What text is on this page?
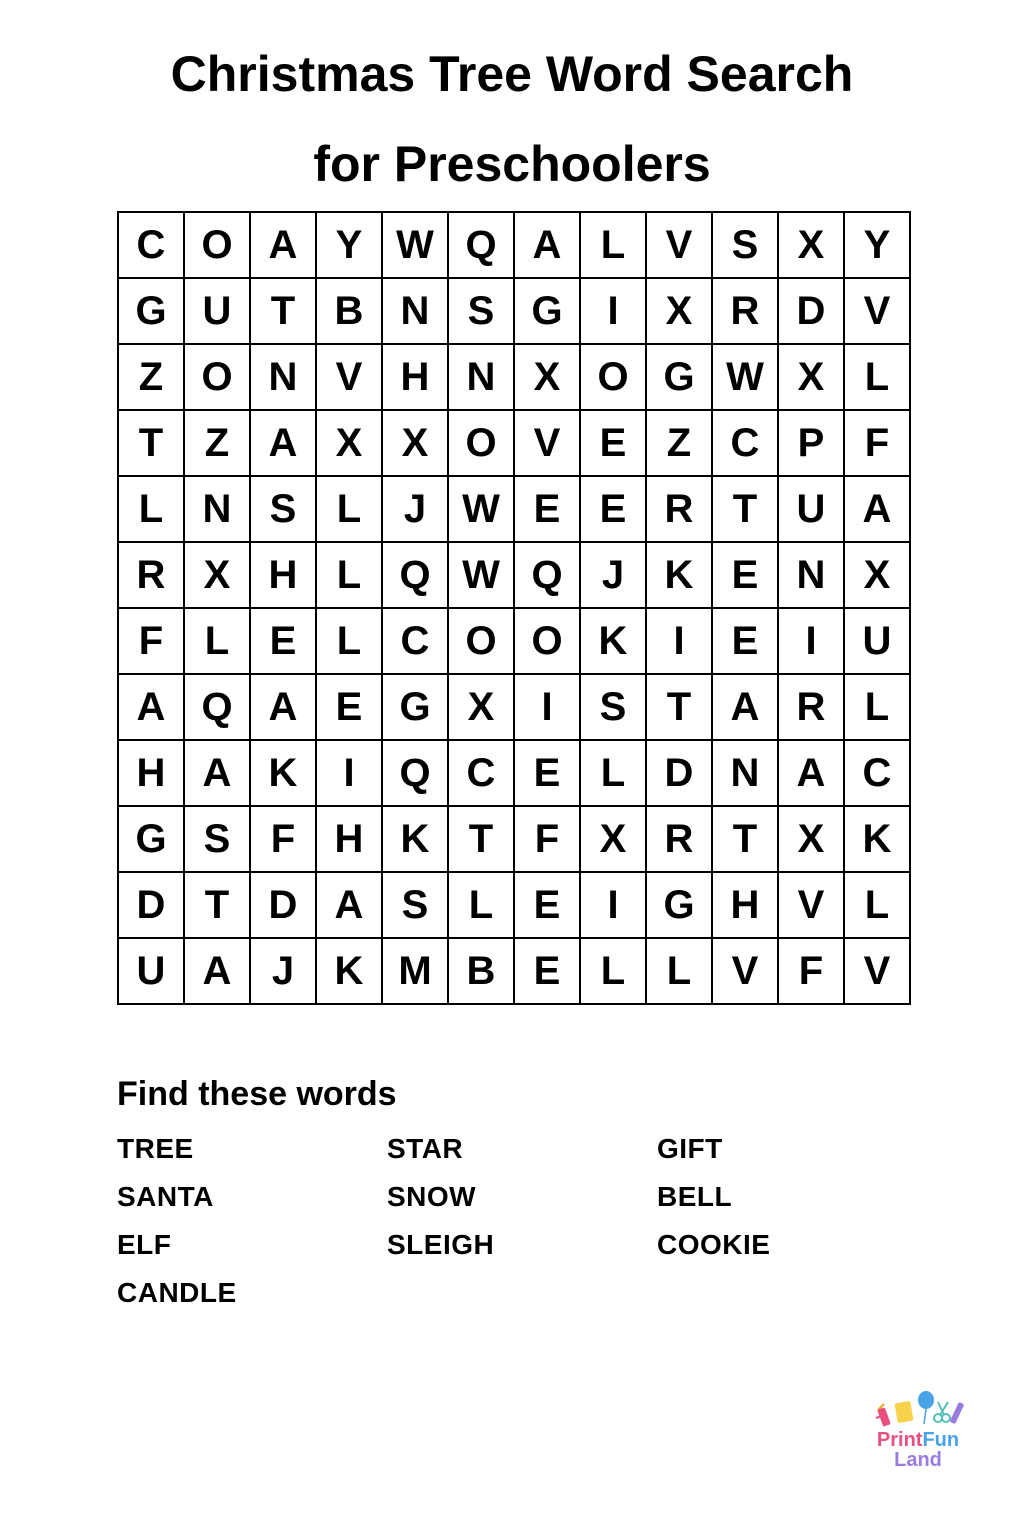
Christmas Tree Word Search
for Preschoolers
C	O	A	Y	W	Q	A	L	V	S	X	Y
G	U	T	B	N	S	G	I	X	R	D	V
Z	O	N	V	H	N	X	O	G	W	X	L
T	Z	A	X	X	O	V	E	Z	C	P	F
L	N	S	L	J	W	E	E	R	T	U	A
R	X	H	L	Q	W	Q	J	K	E	N	X
F	L	E	L	C	O	O	K	I	E	I	U
A	Q	A	E	G	X	I	S	T	A	R	L
H	A	K	I	Q	C	E	L	D	N	A	C
G	S	F	H	K	T	F	X	R	T	X	K
D	T	D	A	S	L	E	I	G	H	V	L
U	A	J	K	M	B	E	L	L	V	F	V
Find these words
TREE	STAR	GIFT
SANTA	SNOW	BELL
ELF	SLEIGH	COOKIE
CANDLE
PrintFun
Land
